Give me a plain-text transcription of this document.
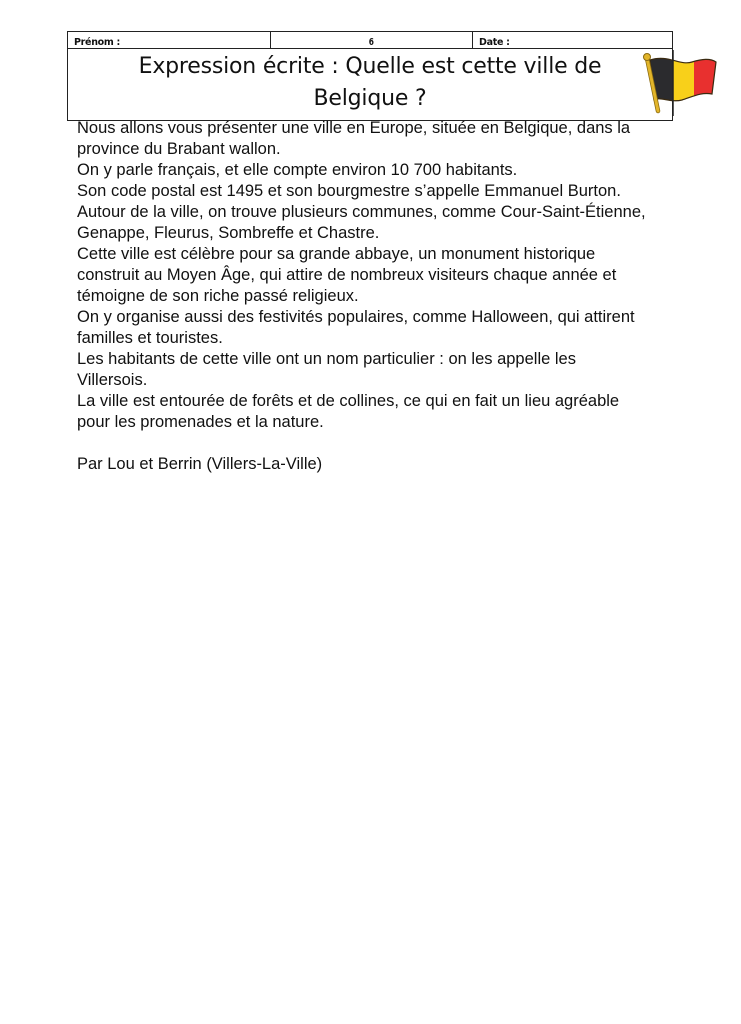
Prénom :	6	Date :
Expression écrite : Quelle est cette ville de
Belgique ?

Nous allons vous présenter une ville en Europe, située en Belgique, dans la

province du Brabant wallon.

On y parle français, et elle compte environ 10 700 habitants.

Son code postal est 1495 et son bourgmestre s’appelle Emmanuel Burton.

Autour de la ville, on trouve plusieurs communes, comme Cour-Saint-Étienne,

Genappe, Fleurus, Sombreffe et Chastre.

Cette ville est célèbre pour sa grande abbaye, un monument historique

construit au Moyen Âge, qui attire de nombreux visiteurs chaque année et

témoigne de son riche passé religieux.

On y organise aussi des festivités populaires, comme Halloween, qui attirent

familles et touristes.

Les habitants de cette ville ont un nom particulier : on les appelle les

Villersois.

La ville est entourée de forêts et de collines, ce qui en fait un lieu agréable

pour les promenades et la nature.

Par Lou et Berrin (Villers-La-Ville)
